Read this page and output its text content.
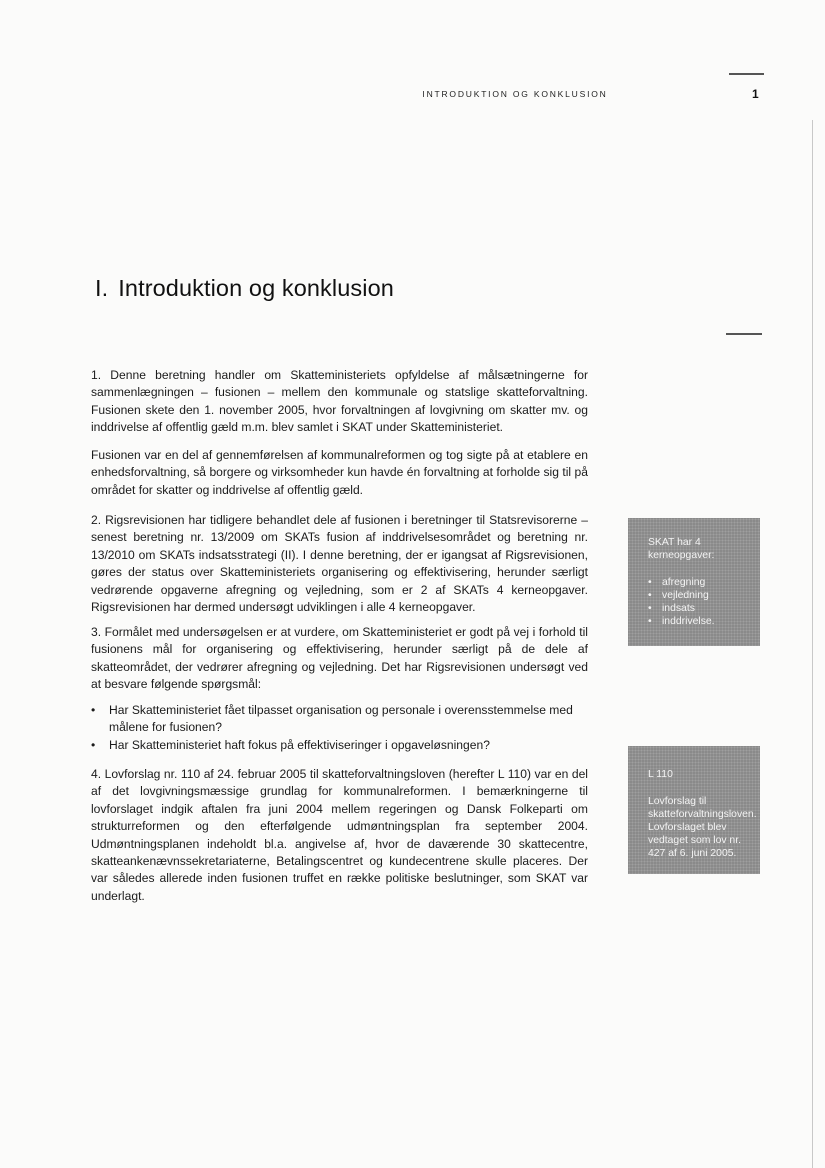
INTRODUKTION OG KONKLUSION	1
I. Introduktion og konklusion

1. Denne beretning handler om Skatteministeriets opfyldelse af målsætningerne for sammenlægningen – fusionen – mellem den kommunale og statslige skatteforvaltning. Fusionen skete den 1. november 2005, hvor forvaltningen af lovgivning om skatter mv. og inddrivelse af offentlig gæld m.m. blev samlet i SKAT under Skatteministeriet.

Fusionen var en del af gennemførelsen af kommunalreformen og tog sigte på at etablere en enhedsforvaltning, så borgere og virksomheder kun havde én forvaltning at forholde sig til på området for skatter og inddrivelse af offentlig gæld.

2. Rigsrevisionen har tidligere behandlet dele af fusionen i beretninger til Statsrevisorerne – senest beretning nr. 13/2009 om SKATs fusion af inddrivelsesområdet og beretning nr. 13/2010 om SKATs indsatsstrategi (II). I denne beretning, der er igangsat af Rigsrevisionen, gøres der status over Skatteministeriets organisering og effektivisering, herunder særligt vedrørende opgaverne afregning og vejledning, som er 2 af SKATs 4 kerneopgaver. Rigsrevisionen har dermed undersøgt udviklingen i alle 4 kerneopgaver.

3. Formålet med undersøgelsen er at vurdere, om Skatteministeriet er godt på vej i forhold til fusionens mål for organisering og effektivisering, herunder særligt på de dele af skatteområdet, der vedrører afregning og vejledning. Det har Rigsrevisionen undersøgt ved at besvare følgende spørgsmål:

• Har Skatteministeriet fået tilpasset organisation og personale i overensstemmelse med målene for fusionen?
• Har Skatteministeriet haft fokus på effektiviseringer i opgaveløsningen?

4. Lovforslag nr. 110 af 24. februar 2005 til skatteforvaltningsloven (herefter L 110) var en del af det lovgivningsmæssige grundlag for kommunalreformen. I bemærkningerne til lovforslaget indgik aftalen fra juni 2004 mellem regeringen og Dansk Folkeparti om strukturreformen og den efterfølgende udmøntningsplan fra september 2004. Udmøntningsplanen indeholdt bl.a. angivelse af, hvor de daværende 30 skattecentre, skatteankenævnssekretariaterne, Betalingscentret og kundecentrene skulle placeres. Der var således allerede inden fusionen truffet en række politiske beslutninger, som SKAT var underlagt.

SKAT har 4 kerneopgaver:
• afregning
• vejledning
• indsats
• inddrivelse.
L 110
Lovforslag til skatteforvaltningsloven. Lovforslaget blev vedtaget som lov nr. 427 af 6. juni 2005.
